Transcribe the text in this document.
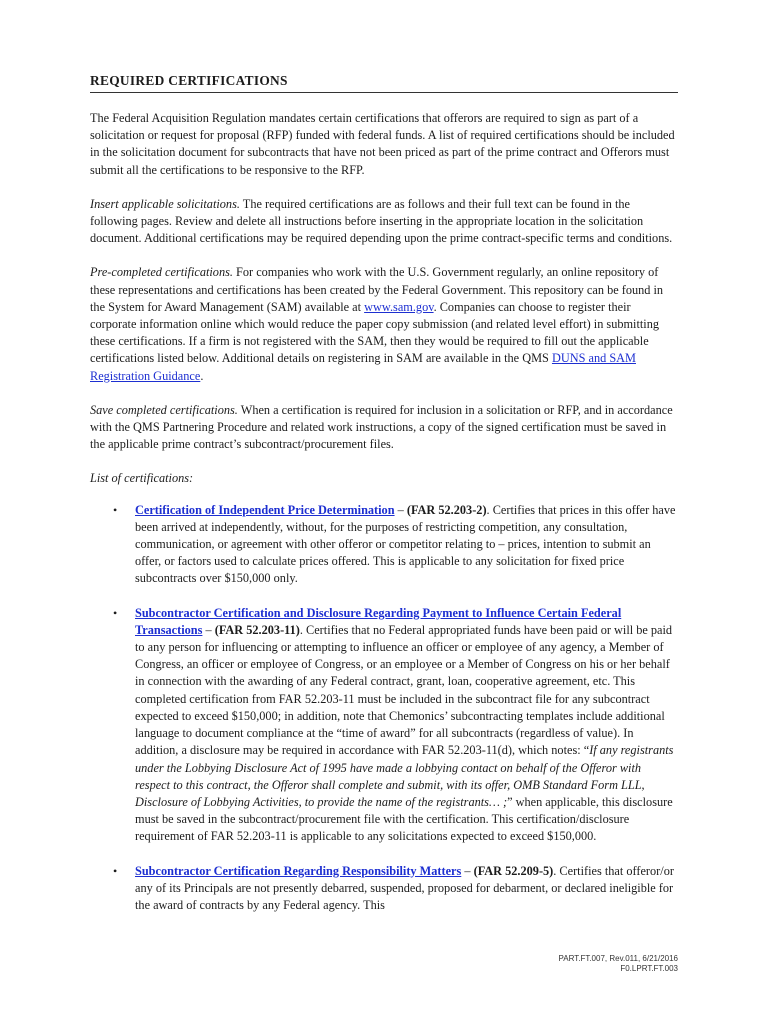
REQUIRED CERTIFICATIONS

The Federal Acquisition Regulation mandates certain certifications that offerors are required to sign as part of a solicitation or request for proposal (RFP) funded with federal funds. A list of required certifications should be included in the solicitation document for subcontracts that have not been priced as part of the prime contract and Offerors must submit all the certifications to be responsive to the RFP.

Insert applicable solicitations. The required certifications are as follows and their full text can be found in the following pages. Review and delete all instructions before inserting in the appropriate location in the solicitation document. Additional certifications may be required depending upon the prime contract-specific terms and conditions.

Pre-completed certifications. For companies who work with the U.S. Government regularly, an online repository of these representations and certifications has been created by the Federal Government. This repository can be found in the System for Award Management (SAM) available at www.sam.gov. Companies can choose to register their corporate information online which would reduce the paper copy submission (and related level effort) in submitting these certifications. If a firm is not registered with the SAM, then they would be required to fill out the applicable certifications listed below. Additional details on registering in SAM are available in the QMS DUNS and SAM Registration Guidance.

Save completed certifications. When a certification is required for inclusion in a solicitation or RFP, and in accordance with the QMS Partnering Procedure and related work instructions, a copy of the signed certification must be saved in the applicable prime contract’s subcontract/procurement files.

List of certifications:

• Certification of Independent Price Determination – (FAR 52.203-2). Certifies that prices in this offer have been arrived at independently, without, for the purposes of restricting competition, any consultation, communication, or agreement with other offeror or competitor relating to – prices, intention to submit an offer, or factors used to calculate prices offered. This is applicable to any solicitation for fixed price subcontracts over $150,000 only.
• Subcontractor Certification and Disclosure Regarding Payment to Influence Certain Federal Transactions – (FAR 52.203-11). Certifies that no Federal appropriated funds have been paid or will be paid to any person for influencing or attempting to influence an officer or employee of any agency, a Member of Congress, an officer or employee of Congress, or an employee or a Member of Congress on his or her behalf in connection with the awarding of any Federal contract, grant, loan, cooperative agreement, etc. This completed certification from FAR 52.203-11 must be included in the subcontract file for any subcontract expected to exceed $150,000; in addition, note that Chemonics’ subcontracting templates include additional language to document compliance at the “time of award” for all subcontracts (regardless of value). In addition, a disclosure may be required in accordance with FAR 52.203-11(d), which notes: “If any registrants under the Lobbying Disclosure Act of 1995 have made a lobbying contact on behalf of the Offeror with respect to this contract, the Offeror shall complete and submit, with its offer, OMB Standard Form LLL, Disclosure of Lobbying Activities, to provide the name of the registrants… ;” when applicable, this disclosure must be saved in the subcontract/procurement file with the certification. This certification/disclosure requirement of FAR 52.203-11 is applicable to any solicitations expected to exceed $150,000.
• Subcontractor Certification Regarding Responsibility Matters – (FAR 52.209-5). Certifies that offeror/or any of its Principals are not presently debarred, suspended, proposed for debarment, or declared ineligible for the award of contracts by any Federal agency. This
PART.FT.007, Rev.011, 6/21/2016
F0.LPRT.FT.003
